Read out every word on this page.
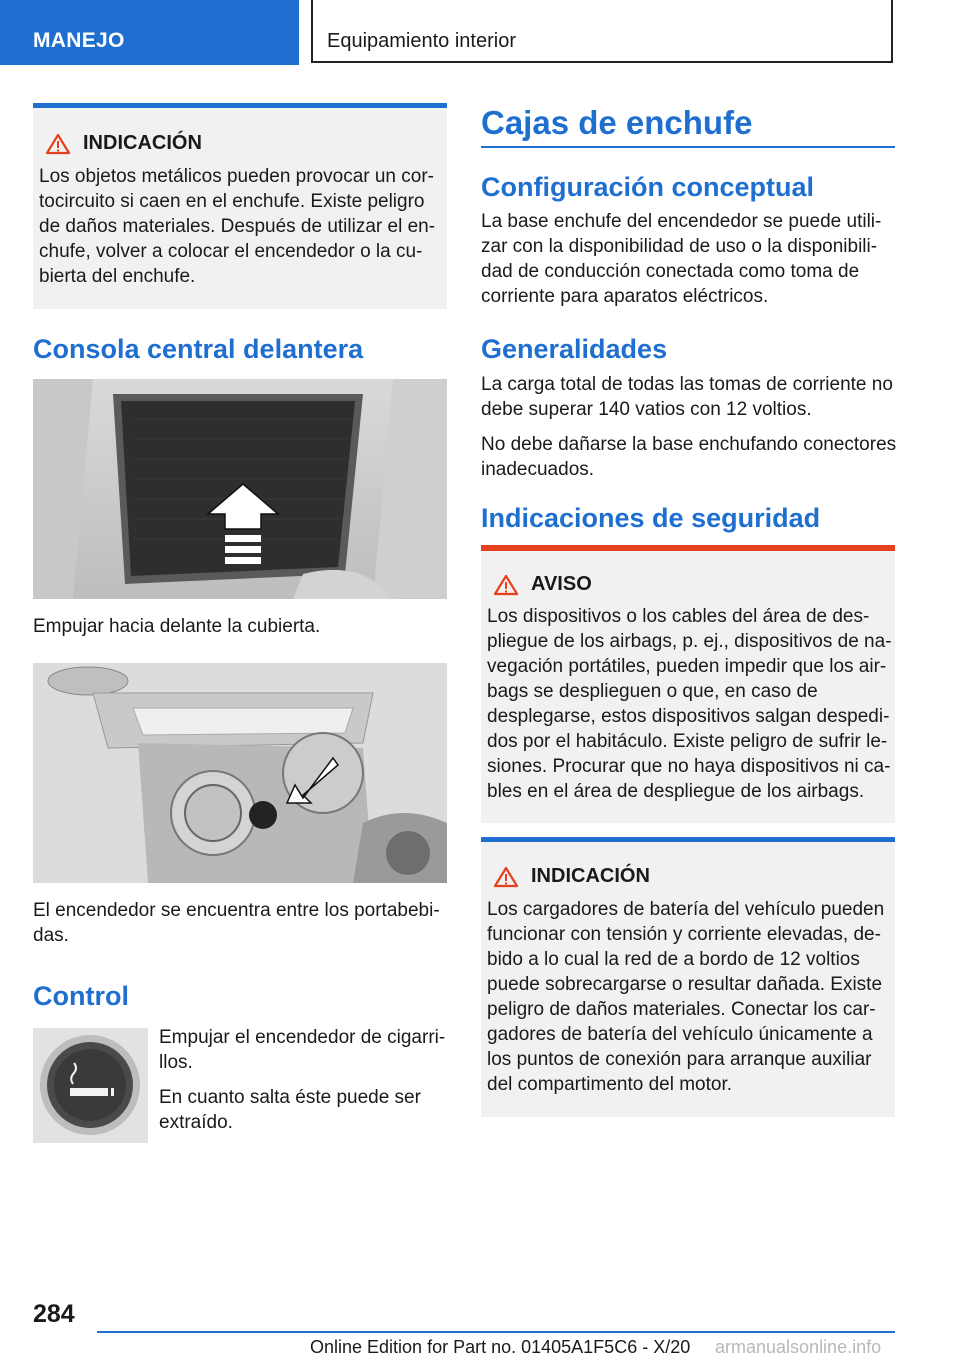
MANEJO	Equipamiento interior
INDICACIÓN
Los objetos metálicos pueden provocar un cor-
tocircuito si caen en el enchufe. Existe peligro
de daños materiales. Después de utilizar el en-
chufe, volver a colocar el encendedor o la cu-
bierta del enchufe.
Consola central delantera
Empujar hacia delante la cubierta.
El encendedor se encuentra entre los portabebi-
das.
Control
Empujar el encendedor de cigarri-
llos.
En cuanto salta éste puede ser
extraído.
Cajas de enchufe
Configuración conceptual
La base enchufe del encendedor se puede utili-
zar con la disponibilidad de uso o la disponibili-
dad de conducción conectada como toma de
corriente para aparatos eléctricos.
Generalidades
La carga total de todas las tomas de corriente no
debe superar 140 vatios con 12 voltios.
No debe dañarse la base enchufando conectores
inadecuados.
Indicaciones de seguridad
AVISO
Los dispositivos o los cables del área de des-
pliegue de los airbags, p. ej., dispositivos de na-
vegación portátiles, pueden impedir que los air-
bags se desplieguen o que, en caso de
desplegarse, estos dispositivos salgan despedi-
dos por el habitáculo. Existe peligro de sufrir le-
siones. Procurar que no haya dispositivos ni ca-
bles en el área de despliegue de los airbags.
INDICACIÓN
Los cargadores de batería del vehículo pueden
funcionar con tensión y corriente elevadas, de-
bido a lo cual la red de a bordo de 12 voltios
puede sobrecargarse o resultar dañada. Existe
peligro de daños materiales. Conectar los car-
gadores de batería del vehículo únicamente a
los puntos de conexión para arranque auxiliar
del compartimento del motor.
284
Online Edition for Part no. 01405A1F5C6 - X/20 armanualsonline.info
